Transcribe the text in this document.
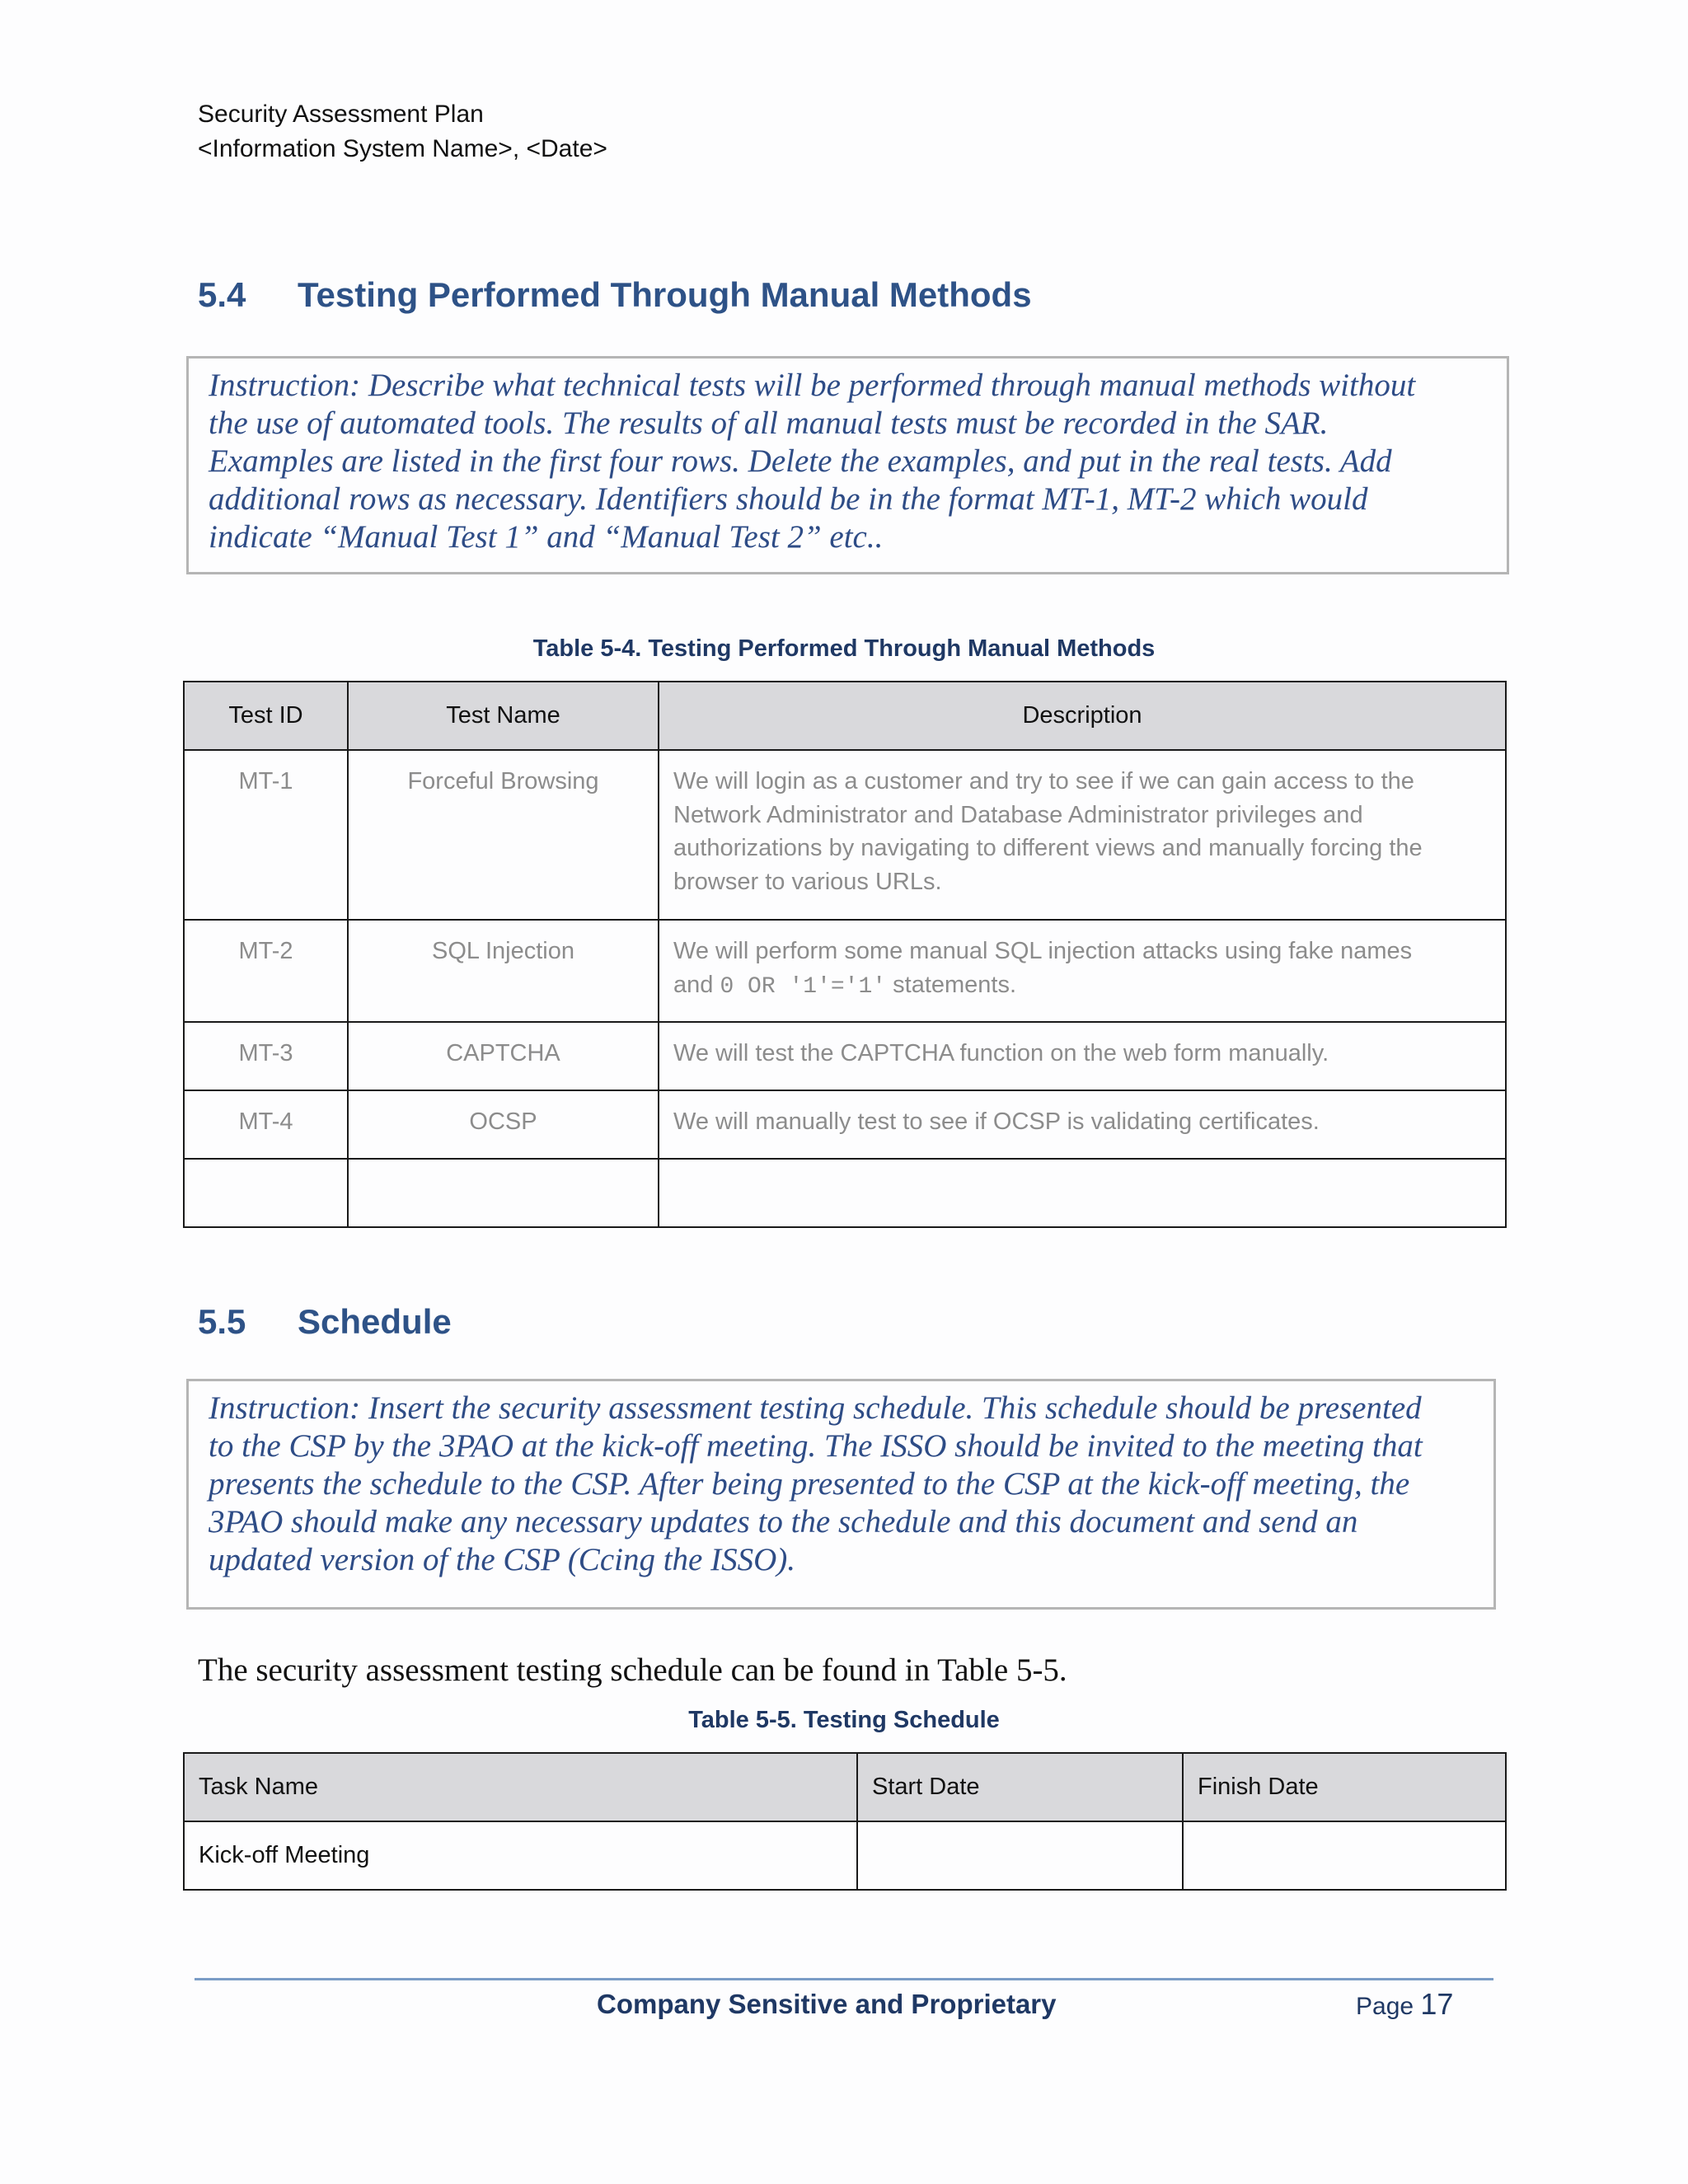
Security Assessment Plan
<Information System Name>, <Date>
5.4	Testing Performed Through Manual Methods
Instruction: Describe what technical tests will be performed through manual methods without
the use of automated tools. The results of all manual tests must be recorded in the SAR.
Examples are listed in the first four rows. Delete the examples, and put in the real tests. Add
additional rows as necessary. Identifiers should be in the format MT-1, MT-2 which would
indicate “Manual Test 1” and “Manual Test 2” etc..
Table 5-4. Testing Performed Through Manual Methods
Test ID	Test Name	Description
MT-1	Forceful Browsing	We will login as a customer and try to see if we can gain access to the
Network Administrator and Database Administrator privileges and
authorizations by navigating to different views and manually forcing the
browser to various URLs.

MT-2	SQL Injection	We will perform some manual SQL injection attacks using fake names
and 0 OR '1'='1' statements.

MT-3	CAPTCHA	We will test the CAPTCHA function on the web form manually.
MT-4	OCSP	We will manually test to see if OCSP is validating certificates.

5.5	Schedule
Instruction: Insert the security assessment testing schedule. This schedule should be presented
to the CSP by the 3PAO at the kick-off meeting. The ISSO should be invited to the meeting that
presents the schedule to the CSP. After being presented to the CSP at the kick-off meeting, the
3PAO should make any necessary updates to the schedule and this document and send an
updated version of the CSP (Ccing the ISSO).
The security assessment testing schedule can be found in Table 5-5.
Table 5-5. Testing Schedule
Task Name	Start Date	Finish Date
Kick-off Meeting		
Company Sensitive and Proprietary	Page 17
